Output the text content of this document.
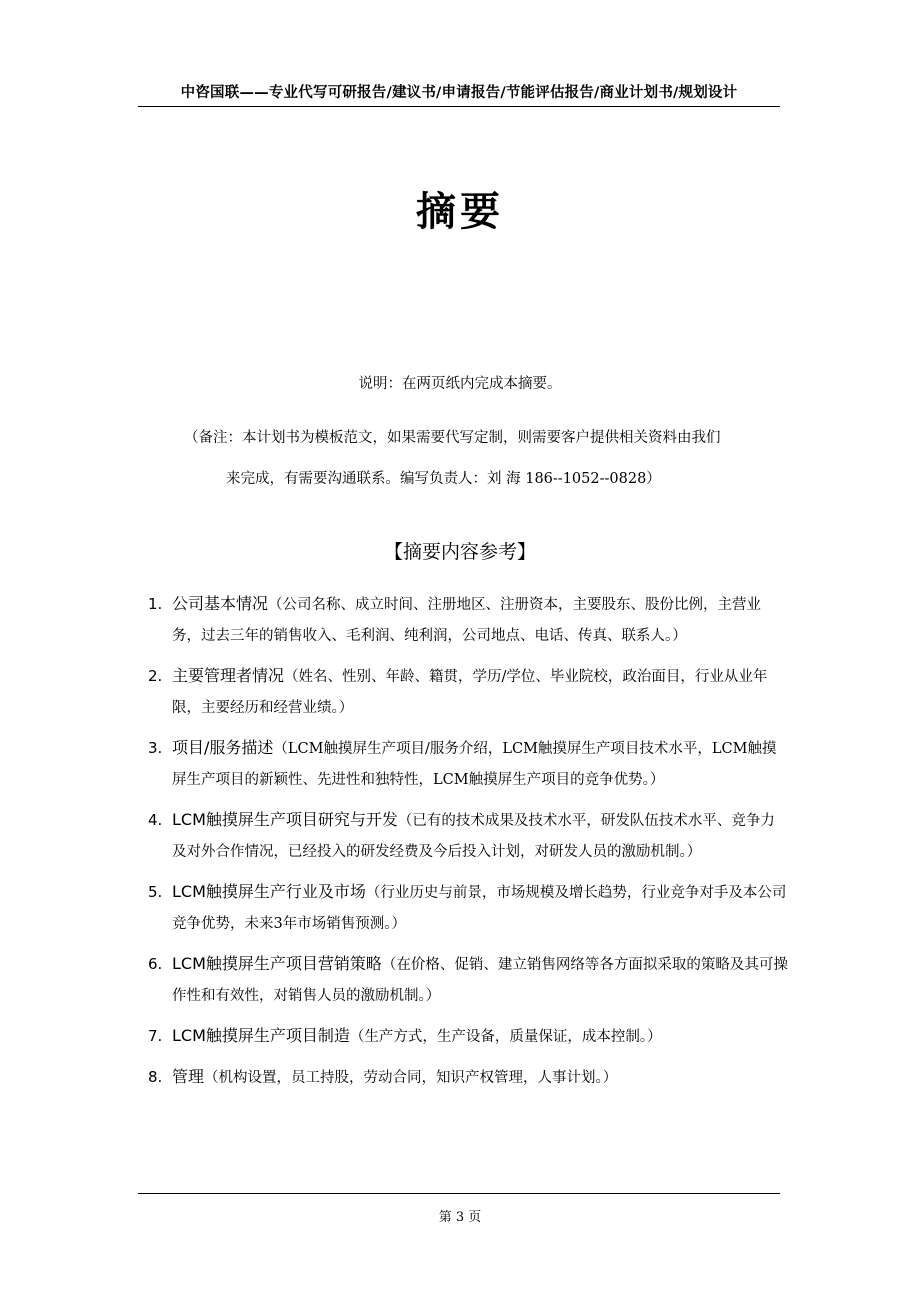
中咨国联——专业代写可研报告/建议书/申请报告/节能评估报告/商业计划书/规划设计
摘要
说明：在两页纸内完成本摘要。
（备注：本计划书为模板范文，如果需要代写定制，则需要客户提供相关资料由我们
来完成，有需要沟通联系。编写负责人：刘 海 186--1052--0828）
【摘要内容参考】
1. 公司基本情况（公司名称、成立时间、注册地区、注册资本，主要股东、股份比例，主营业务，过去三年的销售收入、毛利润、纯利润，公司地点、电话、传真、联系人。）
2. 主要管理者情况（姓名、性别、年龄、籍贯，学历/学位、毕业院校，政治面目，行业从业年限，主要经历和经营业绩。）
3. 项目/服务描述（LCM触摸屏生产项目/服务介绍，LCM触摸屏生产项目技术水平，LCM触摸屏生产项目的新颖性、先进性和独特性，LCM触摸屏生产项目的竞争优势。）
4. LCM触摸屏生产项目研究与开发（已有的技术成果及技术水平，研发队伍技术水平、竞争力及对外合作情况，已经投入的研发经费及今后投入计划，对研发人员的激励机制。）
5. LCM触摸屏生产行业及市场（行业历史与前景，市场规模及增长趋势，行业竞争对手及本公司竞争优势，未来3年市场销售预测。）
6. LCM触摸屏生产项目营销策略（在价格、促销、建立销售网络等各方面拟采取的策略及其可操作性和有效性，对销售人员的激励机制。）
7. LCM触摸屏生产项目制造（生产方式，生产设备，质量保证，成本控制。）
8. 管理（机构设置，员工持股，劳动合同，知识产权管理，人事计划。）
第 3 页
